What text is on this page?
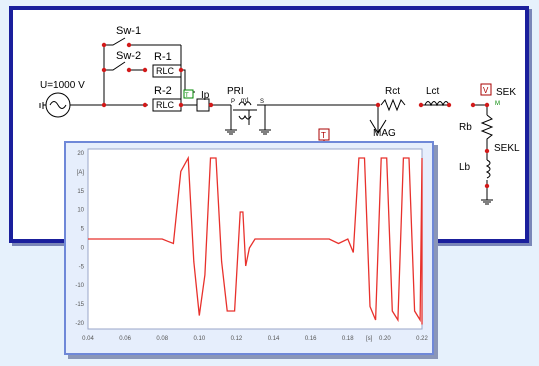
Sw-1
Sw-2 R-1
R-2
RLC
RLC
U=1000 V
Ip PRI
P m1 S
Rct	Lct
Rb
Lb
V SEK
SEKL
MAG
T
T
M
20
[A]
15
10
5
0
-5
-10
-15
-20
0.04	0.06	0.08	0.10	0.12	0.14	0.16	0.18	0.20	0.22
[s]
